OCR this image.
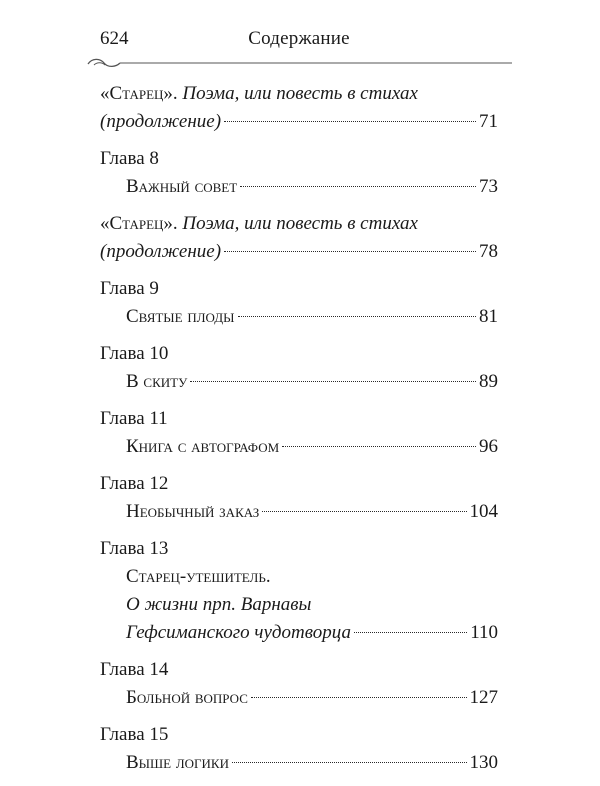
624	Содержание
«Старец».
Поэма, или повесть в стихах
(продолжение)	71
Глава 8
Важный совет	73
«Старец».
Поэма, или повесть в стихах
(продолжение)	78
Глава 9
Святые плоды	81
Глава 10
В скиту	89
Глава 11
Книга с автографом	96
Глава 12
Необычный заказ	104
Глава 13
Старец-утешитель.
О жизни прп. Варнавы
Гефсиманского чудотворца	110
Глава 14
Больной вопрос	127
Глава 15
Выше логики	130
